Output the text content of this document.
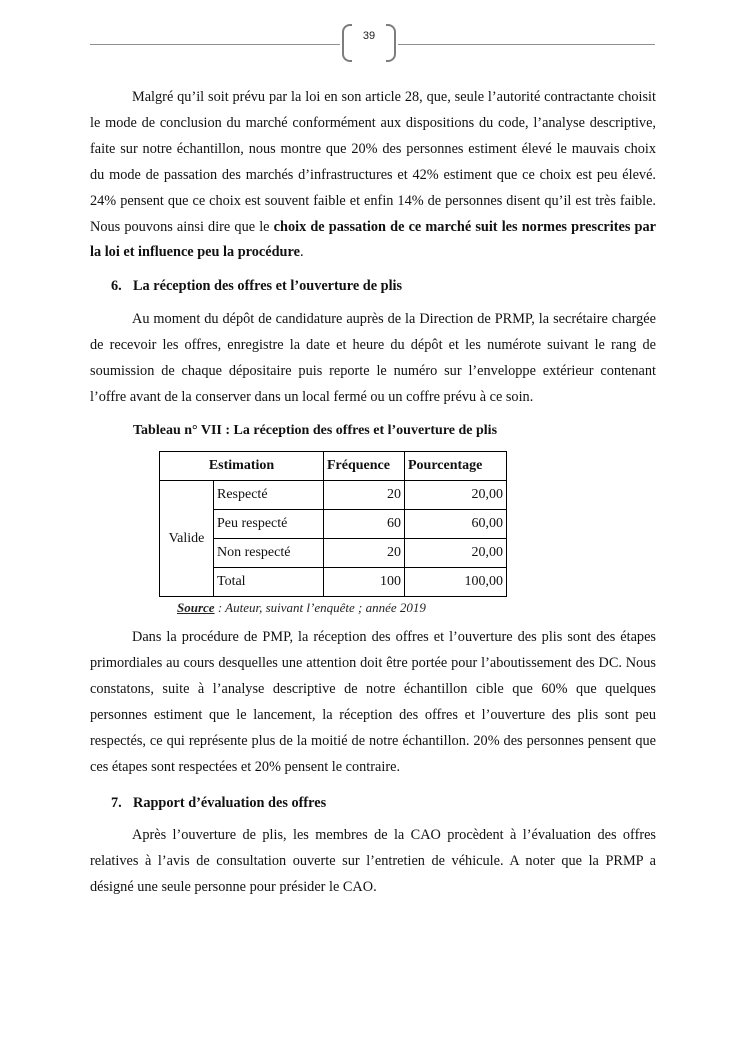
39

Malgré qu’il soit prévu par la loi en son article 28, que, seule l’autorité contractante choisit le mode de conclusion du marché conformément aux dispositions du code, l’analyse descriptive, faite sur notre échantillon, nous montre que 20% des personnes estiment élevé le mauvais choix du mode de passation des marchés d’infrastructures et 42% estiment que ce choix est peu élevé. 24% pensent que ce choix est souvent faible et enfin 14% de personnes disent qu’il est très faible. Nous pouvons ainsi dire que le choix de passation de ce marché suit les normes prescrites par la loi et influence peu la procédure.

6. La réception des offres et l’ouverture de plis

Au moment du dépôt de candidature auprès de la Direction de PRMP, la secrétaire chargée de recevoir les offres, enregistre la date et heure du dépôt et les numérote suivant le rang de soumission de chaque dépositaire puis reporte le numéro sur l’enveloppe extérieur contenant l’offre avant de la conserver dans un local fermé ou un coffre prévu à ce soin.

Tableau n° VII : La réception des offres et l’ouverture de plis

Estimation		Fréquence	Pourcentage
Valide	Respecté	20	20,00
	Peu respecté	60	60,00
	Non respecté	20	20,00
	Total	100	100,00

Source : Auteur, suivant l’enquête ; année 2019

Dans la procédure de PMP, la réception des offres et l’ouverture des plis sont des étapes primordiales au cours desquelles une attention doit être portée pour l’aboutissement des DC. Nous constatons, suite à l’analyse descriptive de notre échantillon cible que 60% que quelques personnes estiment que le lancement, la réception des offres et l’ouverture des plis sont peu respectés, ce qui représente plus de la moitié de notre échantillon. 20% des personnes pensent que ces étapes sont respectées et 20% pensent le contraire.

7. Rapport d’évaluation des offres

Après l’ouverture de plis, les membres de la CAO procèdent à l’évaluation des offres relatives à l’avis de consultation ouverte sur l’entretien de véhicule. A noter que la PRMP a désigné une seule personne pour présider le CAO.
